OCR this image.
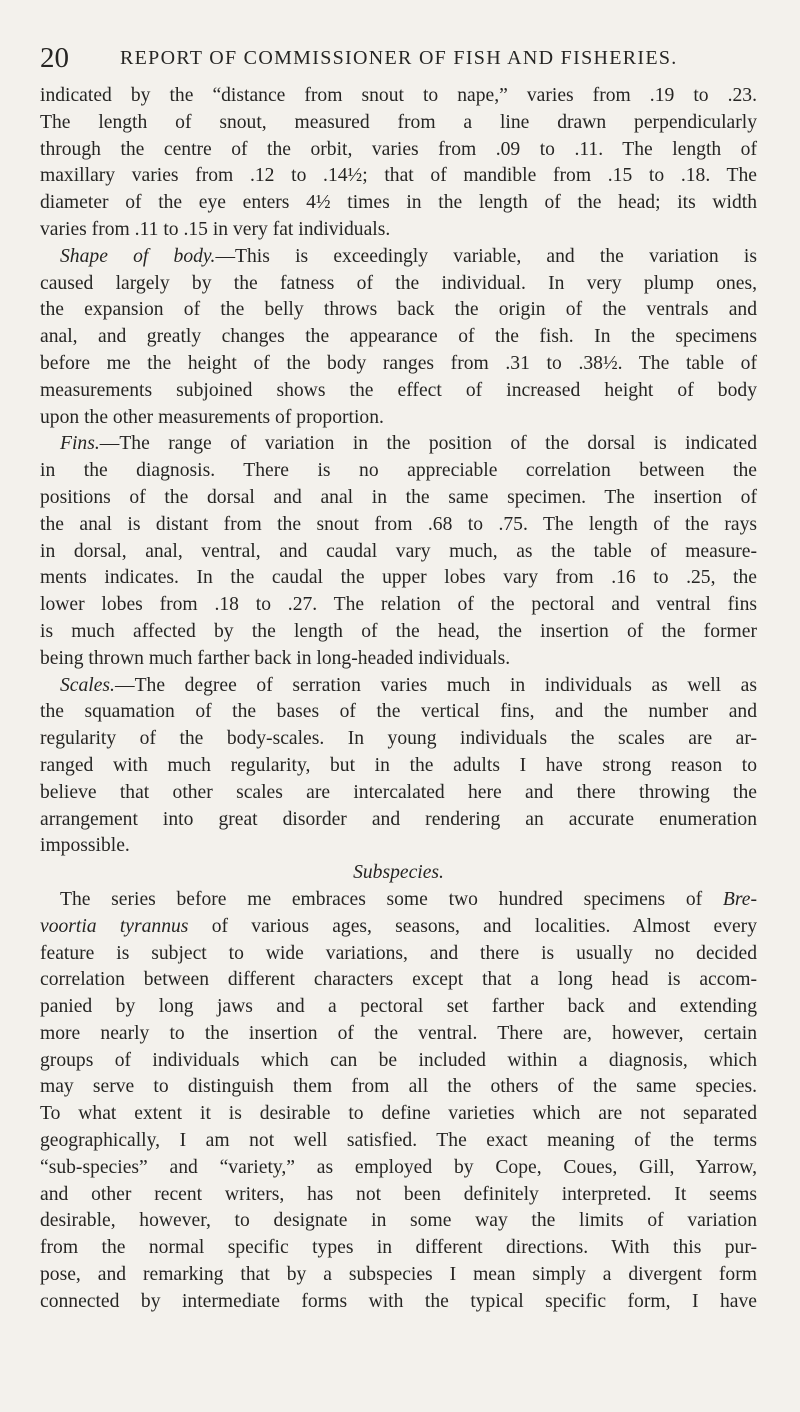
20	REPORT OF COMMISSIONER OF FISH AND FISHERIES.
indicated by the “distance from snout to nape,” varies from .19 to .23.
The length of snout, measured from a line drawn perpendicularly
through the centre of the orbit, varies from .09 to .11. The length of
maxillary varies from .12 to .14½; that of mandible from .15 to .18. The
diameter of the eye enters 4½ times in the length of the head; its width
varies from .11 to .15 in very fat individuals.
Shape of body.—This is exceedingly variable, and the variation is
caused largely by the fatness of the individual. In very plump ones,
the expansion of the belly throws back the origin of the ventrals and
anal, and greatly changes the appearance of the fish. In the specimens
before me the height of the body ranges from .31 to .38½. The table of
measurements subjoined shows the effect of increased height of body
upon the other measurements of proportion.
Fins.—The range of variation in the position of the dorsal is indicated
in the diagnosis. There is no appreciable correlation between the
positions of the dorsal and anal in the same specimen. The insertion of
the anal is distant from the snout from .68 to .75. The length of the rays
in dorsal, anal, ventral, and caudal vary much, as the table of measure-
ments indicates. In the caudal the upper lobes vary from .16 to .25, the
lower lobes from .18 to .27. The relation of the pectoral and ventral fins
is much affected by the length of the head, the insertion of the former
being thrown much farther back in long-headed individuals.
Scales.—The degree of serration varies much in individuals as well as
the squamation of the bases of the vertical fins, and the number and
regularity of the body-scales. In young individuals the scales are ar-
ranged with much regularity, but in the adults I have strong reason to
believe that other scales are intercalated here and there throwing the
arrangement into great disorder and rendering an accurate enumeration
impossible.
Subspecies.
The series before me embraces some two hundred specimens of Bre-
voortia tyrannus of various ages, seasons, and localities. Almost every
feature is subject to wide variations, and there is usually no decided
correlation between different characters except that a long head is accom-
panied by long jaws and a pectoral set farther back and extending
more nearly to the insertion of the ventral. There are, however, certain
groups of individuals which can be included within a diagnosis, which
may serve to distinguish them from all the others of the same species.
To what extent it is desirable to define varieties which are not separated
geographically, I am not well satisfied. The exact meaning of the terms
“sub-species” and “variety,” as employed by Cope, Coues, Gill, Yarrow,
and other recent writers, has not been definitely interpreted. It seems
desirable, however, to designate in some way the limits of variation
from the normal specific types in different directions. With this pur-
pose, and remarking that by a subspecies I mean simply a divergent form
connected by intermediate forms with the typical specific form, I have
